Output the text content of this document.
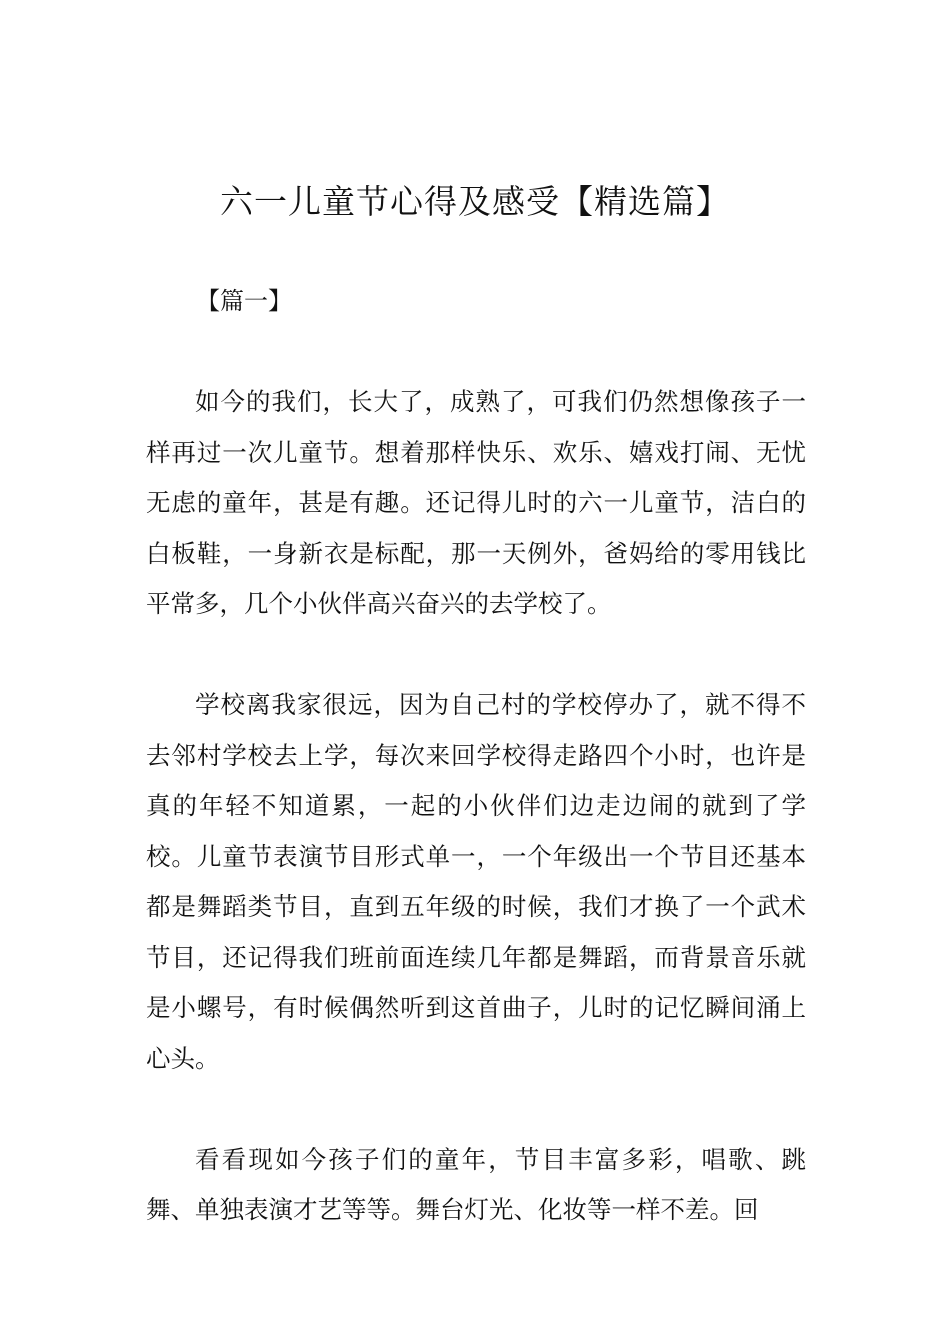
六一儿童节心得及感受【精选篇】
【篇一】

如今的我们，长大了，成熟了，可我们仍然想像孩子一样再过一次儿童节。想着那样快乐、欢乐、嬉戏打闹、无忧无虑的童年，甚是有趣。还记得儿时的六一儿童节，洁白的白板鞋，一身新衣是标配，那一天例外，爸妈给的零用钱比平常多，几个小伙伴高兴奋兴的去学校了。

学校离我家很远，因为自己村的学校停办了，就不得不去邻村学校去上学，每次来回学校得走路四个小时，也许是真的年轻不知道累，一起的小伙伴们边走边闹的就到了学校。儿童节表演节目形式单一，一个年级出一个节目还基本都是舞蹈类节目，直到五年级的时候，我们才换了一个武术节目，还记得我们班前面连续几年都是舞蹈，而背景音乐就是小螺号，有时候偶然听到这首曲子，儿时的记忆瞬间涌上心头。

看看现如今孩子们的童年，节目丰富多彩，唱歌、跳舞、单独表演才艺等等。舞台灯光、化妆等一样不差。回
